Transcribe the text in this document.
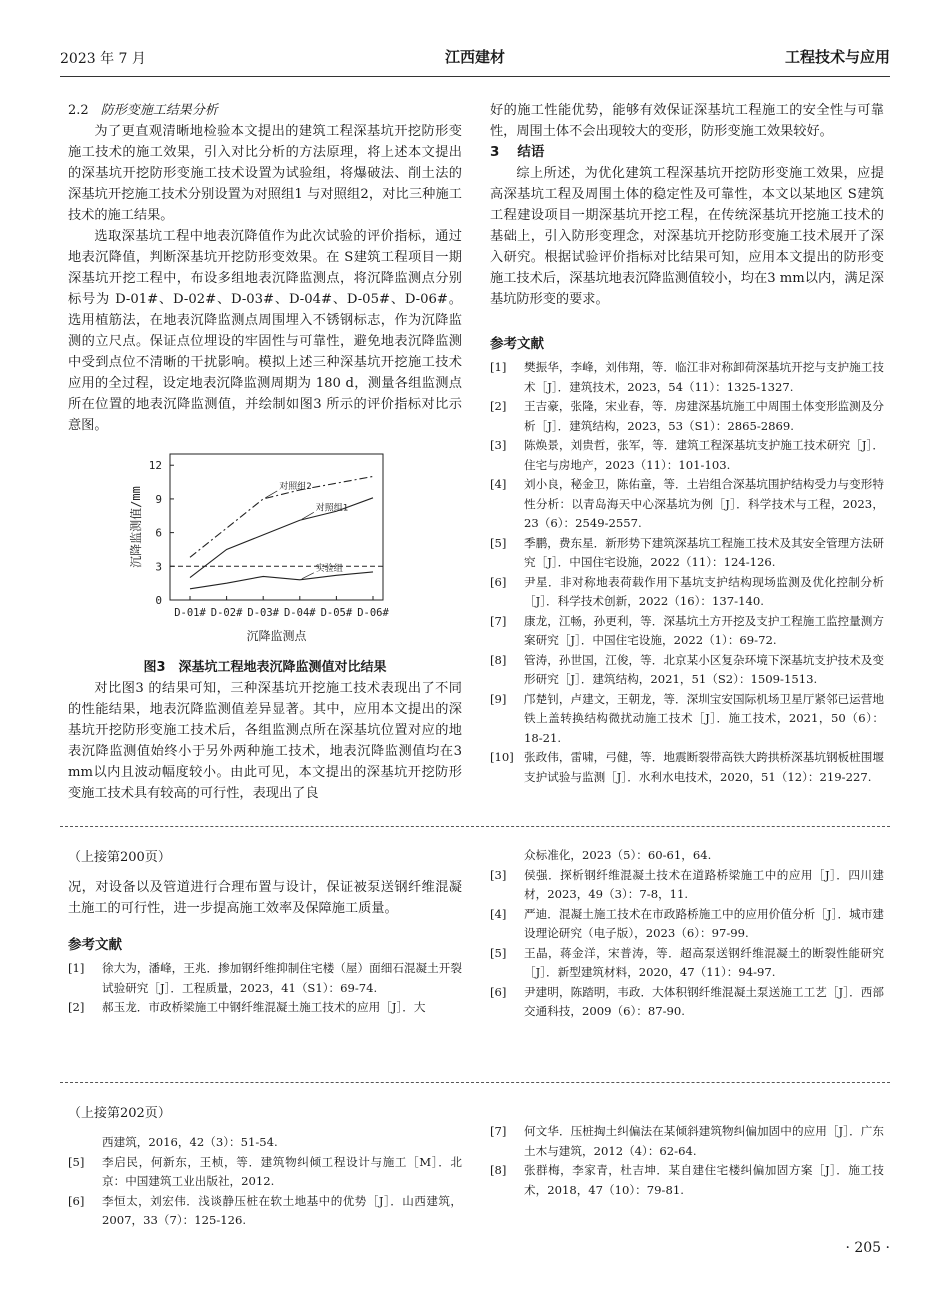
2023 年 7 月	江西建材	工程技术与应用

2.2 防形变施工结果分析

为了更直观清晰地检验本文提出的建筑工程深基坑开挖防形变施工技术的施工效果，引入对比分析的方法原理，将上述本文提出的深基坑开挖防形变施工技术设置为试验组，将爆破法、削土法的深基坑开挖施工技术分别设置为对照组1 与对照组2，对比三种施工技术的施工结果。

选取深基坑工程中地表沉降值作为此次试验的评价指标，通过地表沉降值，判断深基坑开挖防形变效果。在 S建筑工程项目一期深基坑开挖工程中，布设多组地表沉降监测点，将沉降监测点分别标号为 D-01#、D-02#、D-03#、D-04#、D-05#、D-06#。选用植筋法，在地表沉降监测点周围埋入不锈钢标志，作为沉降监测的立尺点。保证点位埋设的牢固性与可靠性，避免地表沉降监测中受到点位不清晰的干扰影响。模拟上述三种深基坑开挖施工技术应用的全过程，设定地表沉降监测周期为 180 d，测量各组监测点所在位置的地表沉降监测值，并绘制如图3 所示的评价指标对比示意图。

0
3
6
9
12
D-01# D-02# D-03# D-04# D-05# D-06#
沉降监测点
沉降监测值/mm	对照组2
对照组1
实验组
图3　深基坑工程地表沉降监测值对比结果

对比图3 的结果可知，三种深基坑开挖施工技术表现出了不同的性能结果，地表沉降监测值差异显著。其中，应用本文提出的深基坑开挖防形变施工技术后，各组监测点所在深基坑位置对应的地表沉降监测值始终小于另外两种施工技术，地表沉降监测值均在3 mm以内且波动幅度较小。由此可见，本文提出的深基坑开挖防形变施工技术具有较高的可行性，表现出了良

好的施工性能优势，能够有效保证深基坑工程施工的安全性与可靠性，周围土体不会出现较大的变形，防形变施工效果较好。

3 结语

综上所述，为优化建筑工程深基坑开挖防形变施工效果，应提高深基坑工程及周围土体的稳定性及可靠性，本文以某地区 S建筑工程建设项目一期深基坑开挖工程，在传统深基坑开挖施工技术的基础上，引入防形变理念，对深基坑开挖防形变施工技术展开了深入研究。根据试验评价指标对比结果可知，应用本文提出的防形变施工技术后，深基坑地表沉降监测值较小，均在3 mm以内，满足深基坑防形变的要求。

参考文献

[1]	樊振华，李峰，刘伟翔，等．临江非对称卸荷深基坑开挖与支护施工技术［J］．建筑技术，2023，54（11）：1325-1327.
[2]	王吉豪，张隆，宋业春，等．房建深基坑施工中周围土体变形监测及分析［J］．建筑结构，2023，53（S1）：2865-2869.
[3]	陈焕景，刘贵哲，张军，等．建筑工程深基坑支护施工技术研究［J］．住宅与房地产，2023（11）：101-103.
[4]	刘小良，秘金卫，陈佑童，等．土岩组合深基坑围护结构受力与变形特性分析：以青岛海天中心深基坑为例［J］．科学技术与工程，2023，23（6）：2549-2557.
[5]	季鹏，费东星．新形势下建筑深基坑工程施工技术及其安全管理方法研究［J］．中国住宅设施，2022（11）：124-126.
[6]	尹星．非对称地表荷载作用下基坑支护结构现场监测及优化控制分析［J］．科学技术创新，2022（16）：137-140.
[7]	康龙，江畅，孙更利，等．深基坑土方开挖及支护工程施工监控量测方案研究［J］．中国住宅设施，2022（1）：69-72.
[8]	管涛，孙世国，江俊，等．北京某小区复杂环境下深基坑支护技术及变形研究［J］．建筑结构，2021，51（S2）：1509-1513.
[9]	邝楚钊，卢建文，王朝龙，等．深圳宝安国际机场卫星厅紧邻已运营地铁上盖转换结构微扰动施工技术［J］．施工技术，2021，50（6）：18-21.
[10] 张政伟，雷啸，弓健，等．地震断裂带高铁大跨拱桥深基坑钢板桩围堰支护试验与监测［J］．水利水电技术，2020，51（12）：219-227.
（上接第200页）

况，对设备以及管道进行合理布置与设计，保证被泵送钢纤维混凝土施工的可行性，进一步提高施工效率及保障施工质量。

参考文献

[1]	徐大为，潘峰，王兆．掺加钢纤维抑制住宅楼（屋）面细石混凝土开裂试验研究［J］．工程质量，2023，41（S1）：69-74.
[2]	郝玉龙．市政桥梁施工中钢纤维混凝土施工技术的应用［J］．大
众标准化，2023（5）：60-61，64.
[3]	侯强．探析钢纤维混凝土技术在道路桥梁施工中的应用［J］．四川建材，2023，49（3）：7-8，11.
[4]	严迪．混凝土施工技术在市政路桥施工中的应用价值分析［J］．城市建设理论研究（电子版），2023（6）：97-99.
[5]	王晶，蒋金洋，宋普涛，等．超高泵送钢纤维混凝土的断裂性能研究［J］．新型建筑材料，2020，47（11）：94-97.
[6]	尹建明，陈踏明，韦政．大体积钢纤维混凝土泵送施工工艺［J］．西部交通科技，2009（6）：87-90.
（上接第202页）
西建筑，2016，42（3）：51-54.
[5]	李启民，何新东，王桢，等．建筑物纠倾工程设计与施工［M］．北京：中国建筑工业出版社，2012.
[6]	李恒太，刘宏伟．浅谈静压桩在软土地基中的优势［J］．山西建筑，2007，33（7）：125-126.
[7]	何文华．压桩掏土纠偏法在某倾斜建筑物纠偏加固中的应用［J］．广东土木与建筑，2012（4）：62-64.
[8]	张群梅，李家青，杜吉坤．某自建住宅楼纠偏加固方案［J］．施工技术，2018，47（10）：79-81.
· 205 ·
